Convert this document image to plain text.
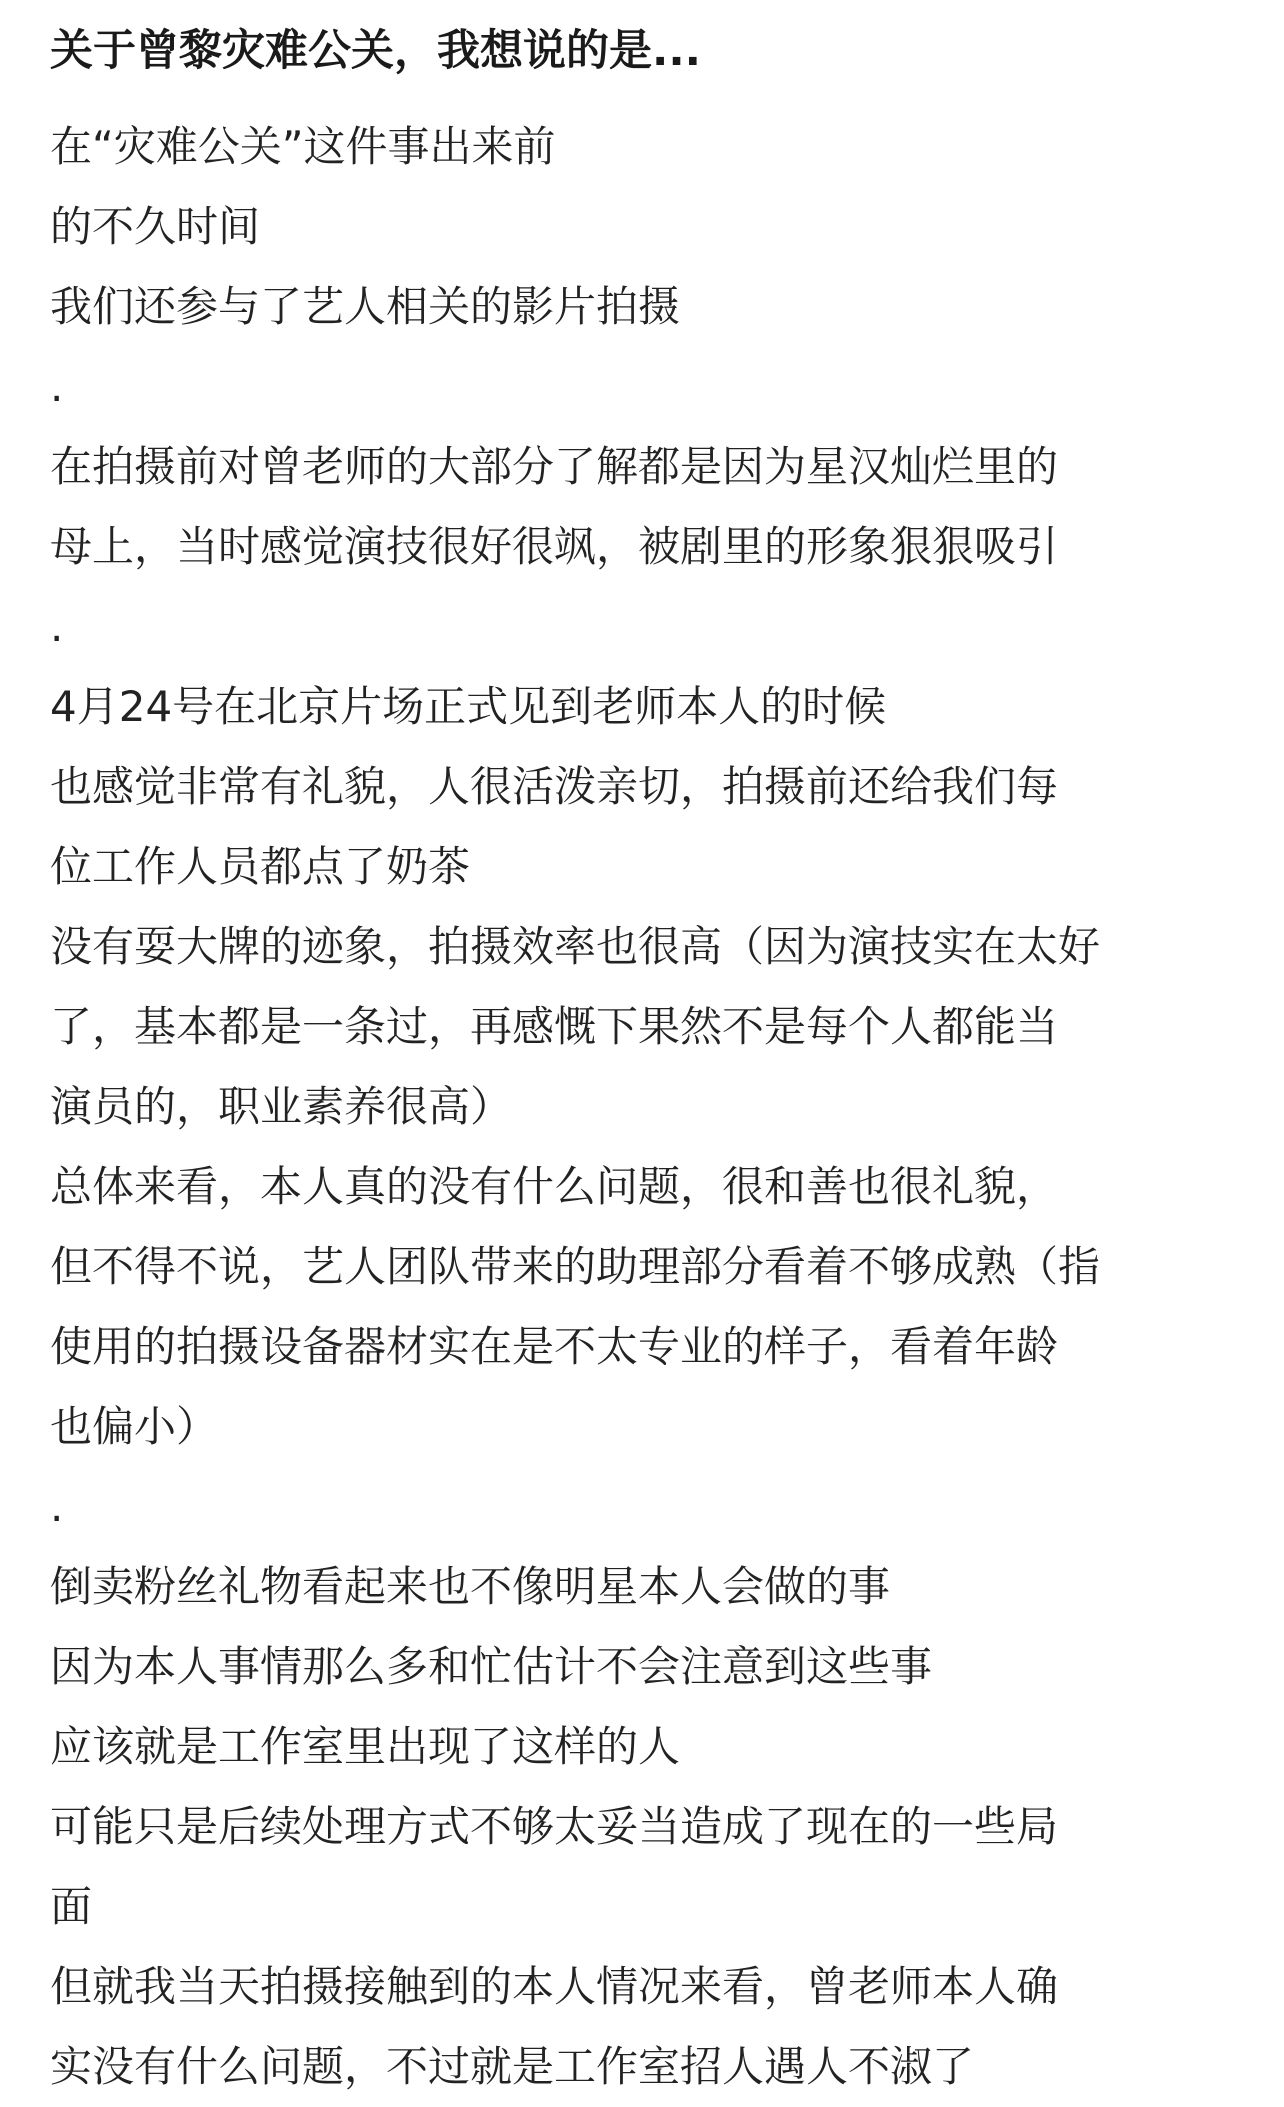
关于曾黎灾难公关，我想说的是...
在“灾难公关”这件事出来前
的不久时间
我们还参与了艺人相关的影片拍摄
.
在拍摄前对曾老师的大部分了解都是因为星汉灿烂里的
母上，当时感觉演技很好很飒，被剧里的形象狠狠吸引
.
4月24号在北京片场正式见到老师本人的时候
也感觉非常有礼貌，人很活泼亲切，拍摄前还给我们每
位工作人员都点了奶茶
没有耍大牌的迹象，拍摄效率也很高（因为演技实在太好
了，基本都是一条过，再感慨下果然不是每个人都能当
演员的，职业素养很高）
总体来看，本人真的没有什么问题，很和善也很礼貌，
但不得不说，艺人团队带来的助理部分看着不够成熟（指
使用的拍摄设备器材实在是不太专业的样子，看着年龄
也偏小）
.
倒卖粉丝礼物看起来也不像明星本人会做的事
因为本人事情那么多和忙估计不会注意到这些事
应该就是工作室里出现了这样的人
可能只是后续处理方式不够太妥当造成了现在的一些局
面
但就我当天拍摄接触到的本人情况来看，曾老师本人确
实没有什么问题，不过就是工作室招人遇人不淑了
